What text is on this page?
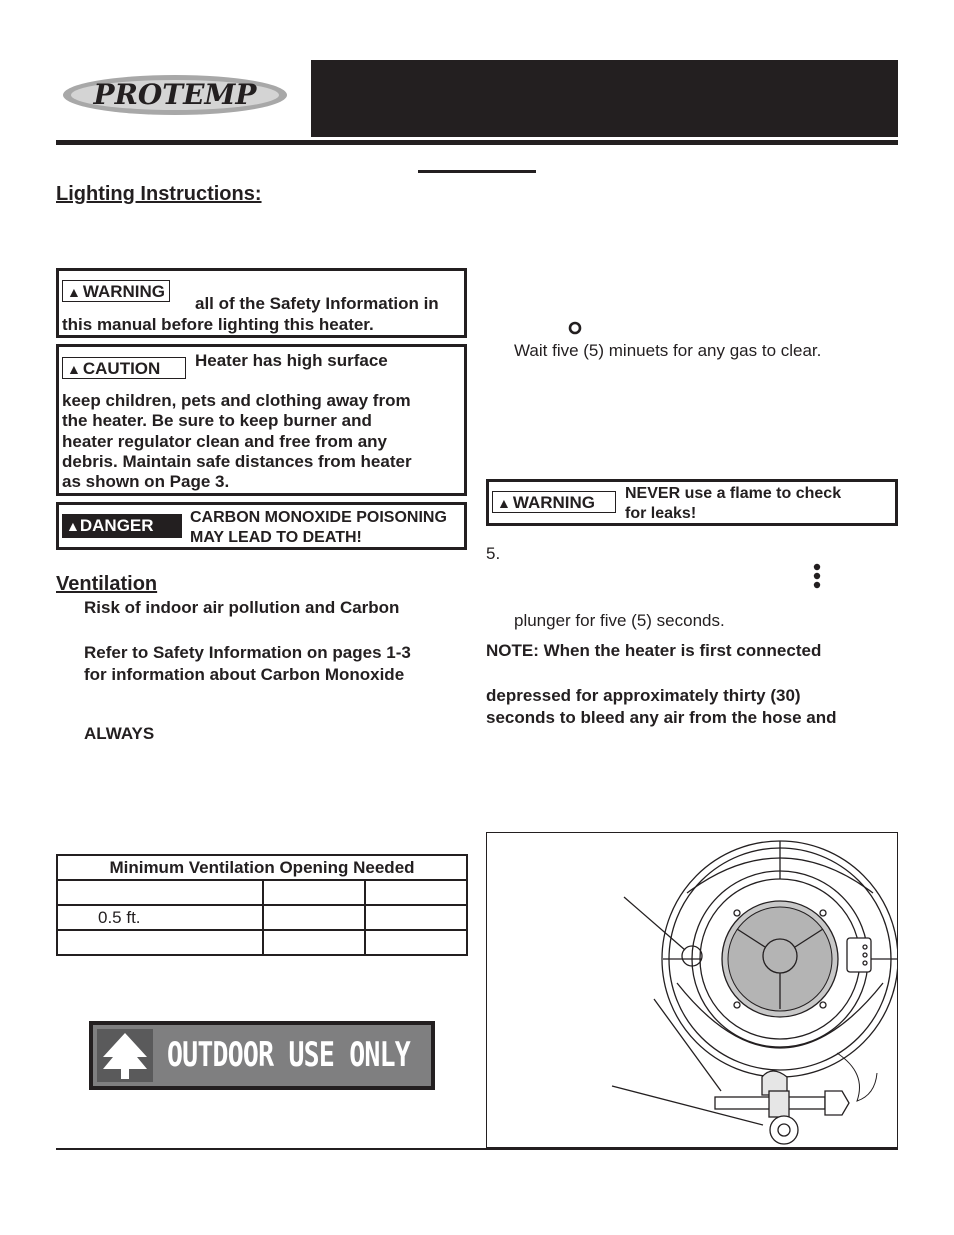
PROTEMP
Lighting Instructions:
▲ WARNING
all of the Safety Information in
this manual before lighting this heater.
▲ CAUTION	Heater has high surface
keep children, pets and clothing away from
the heater. Be sure to keep burner and
heater regulator clean and free from any
debris. Maintain safe distances from heater
as shown on Page 3.
▲DANGER	CARBON MONOXIDE POISONING
MAY LEAD TO DEATH!
Ventilation
Risk of indoor air pollution and Carbon
Refer to Safety Information on pages 1-3
for information about Carbon Monoxide
ALWAYS
Minimum Ventilation Opening Needed		

0.5 ft.		

OUTDOOR USE ONLY
Wait five (5) minuets for any gas to clear.
▲ WARNING	NEVER use a flame to check
for leaks!
5.
plunger for five (5) seconds.
NOTE: When the heater is first connected
depressed for approximately thirty (30)
seconds to bleed any air from the hose and
